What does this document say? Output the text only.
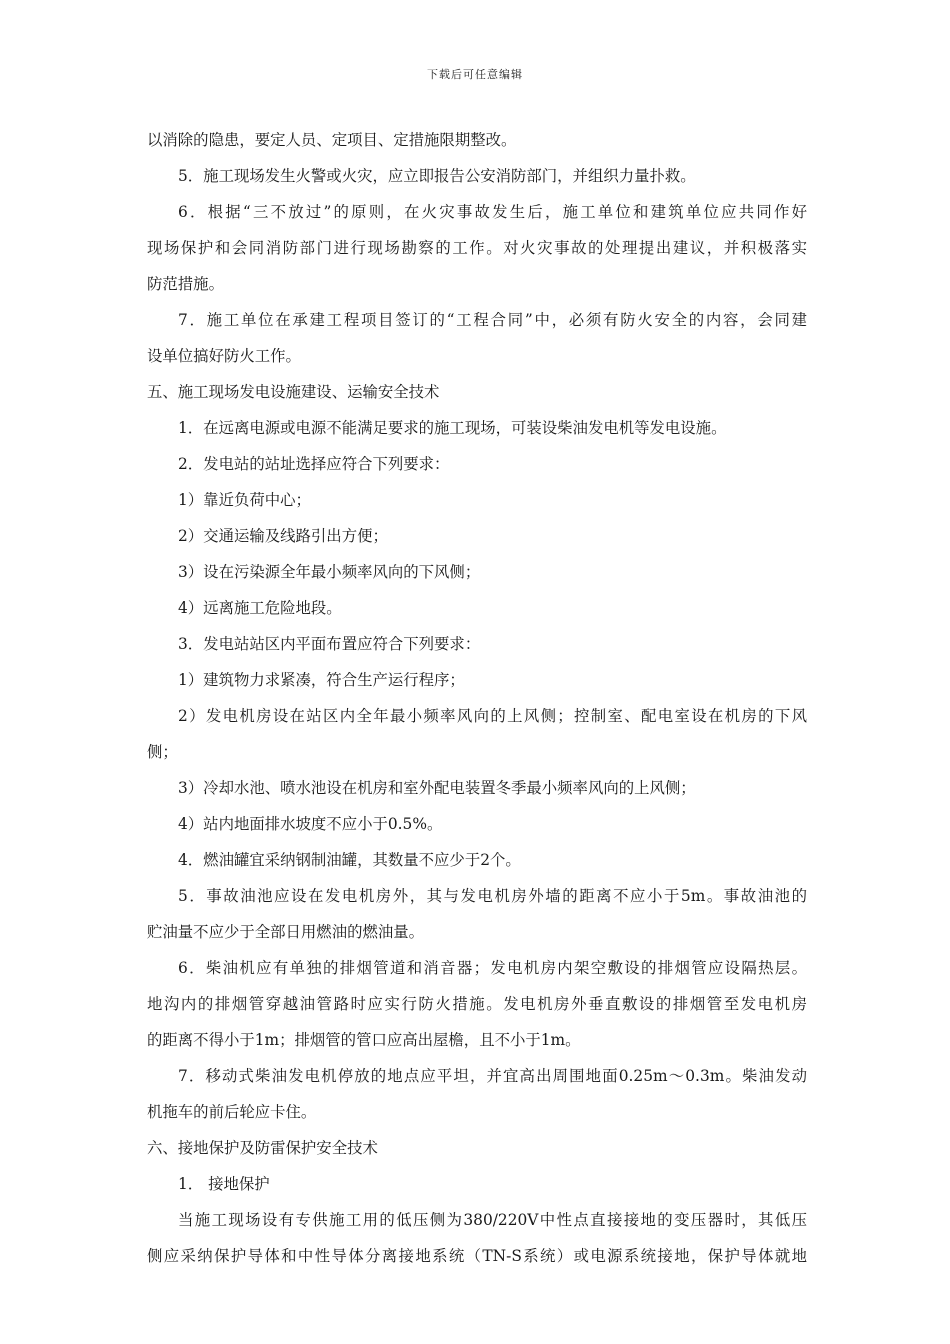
下载后可任意编辑

以消除的隐患，要定人员、定项目、定措施限期整改。

5．施工现场发生火警或火灾，应立即报告公安消防部门，并组织力量扑救。

6．根据“三不放过”的原则，在火灾事故发生后，施工单位和建筑单位应共同作好

现场保护和会同消防部门进行现场勘察的工作。对火灾事故的处理提出建议，并积极落实

防范措施。

7．施工单位在承建工程项目签订的“工程合同”中，必须有防火安全的内容，会同建

设单位搞好防火工作。

五、施工现场发电设施建设、运输安全技术

1．在远离电源或电源不能满足要求的施工现场，可装设柴油发电机等发电设施。

2．发电站的站址选择应符合下列要求：

1）靠近负荷中心；

2）交通运输及线路引出方便；

3）设在污染源全年最小频率风向的下风侧；

4）远离施工危险地段。

3．发电站站区内平面布置应符合下列要求：

1）建筑物力求紧凑，符合生产运行程序；

2）发电机房设在站区内全年最小频率风向的上风侧；控制室、配电室设在机房的下风

侧；

3）冷却水池、喷水池设在机房和室外配电装置冬季最小频率风向的上风侧；

4）站内地面排水坡度不应小于0.5%。

4．燃油罐宜采纳钢制油罐，其数量不应少于2个。

5．事故油池应设在发电机房外，其与发电机房外墙的距离不应小于5m。事故油池的

贮油量不应少于全部日用燃油的燃油量。

6．柴油机应有单独的排烟管道和消音器；发电机房内架空敷设的排烟管应设隔热层。

地沟内的排烟管穿越油管路时应实行防火措施。发电机房外垂直敷设的排烟管至发电机房

的距离不得小于1m；排烟管的管口应高出屋檐，且不小于1m。

7．移动式柴油发电机停放的地点应平坦，并宜高出周围地面0.25m～0.3m。柴油发动

机拖车的前后轮应卡住。

六、接地保护及防雷保护安全技术

1． 接地保护

当施工现场设有专供施工用的低压侧为380/220V中性点直接接地的变压器时，其低压

侧应采纳保护导体和中性导体分离接地系统（TN-S系统）或电源系统接地，保护导体就地
